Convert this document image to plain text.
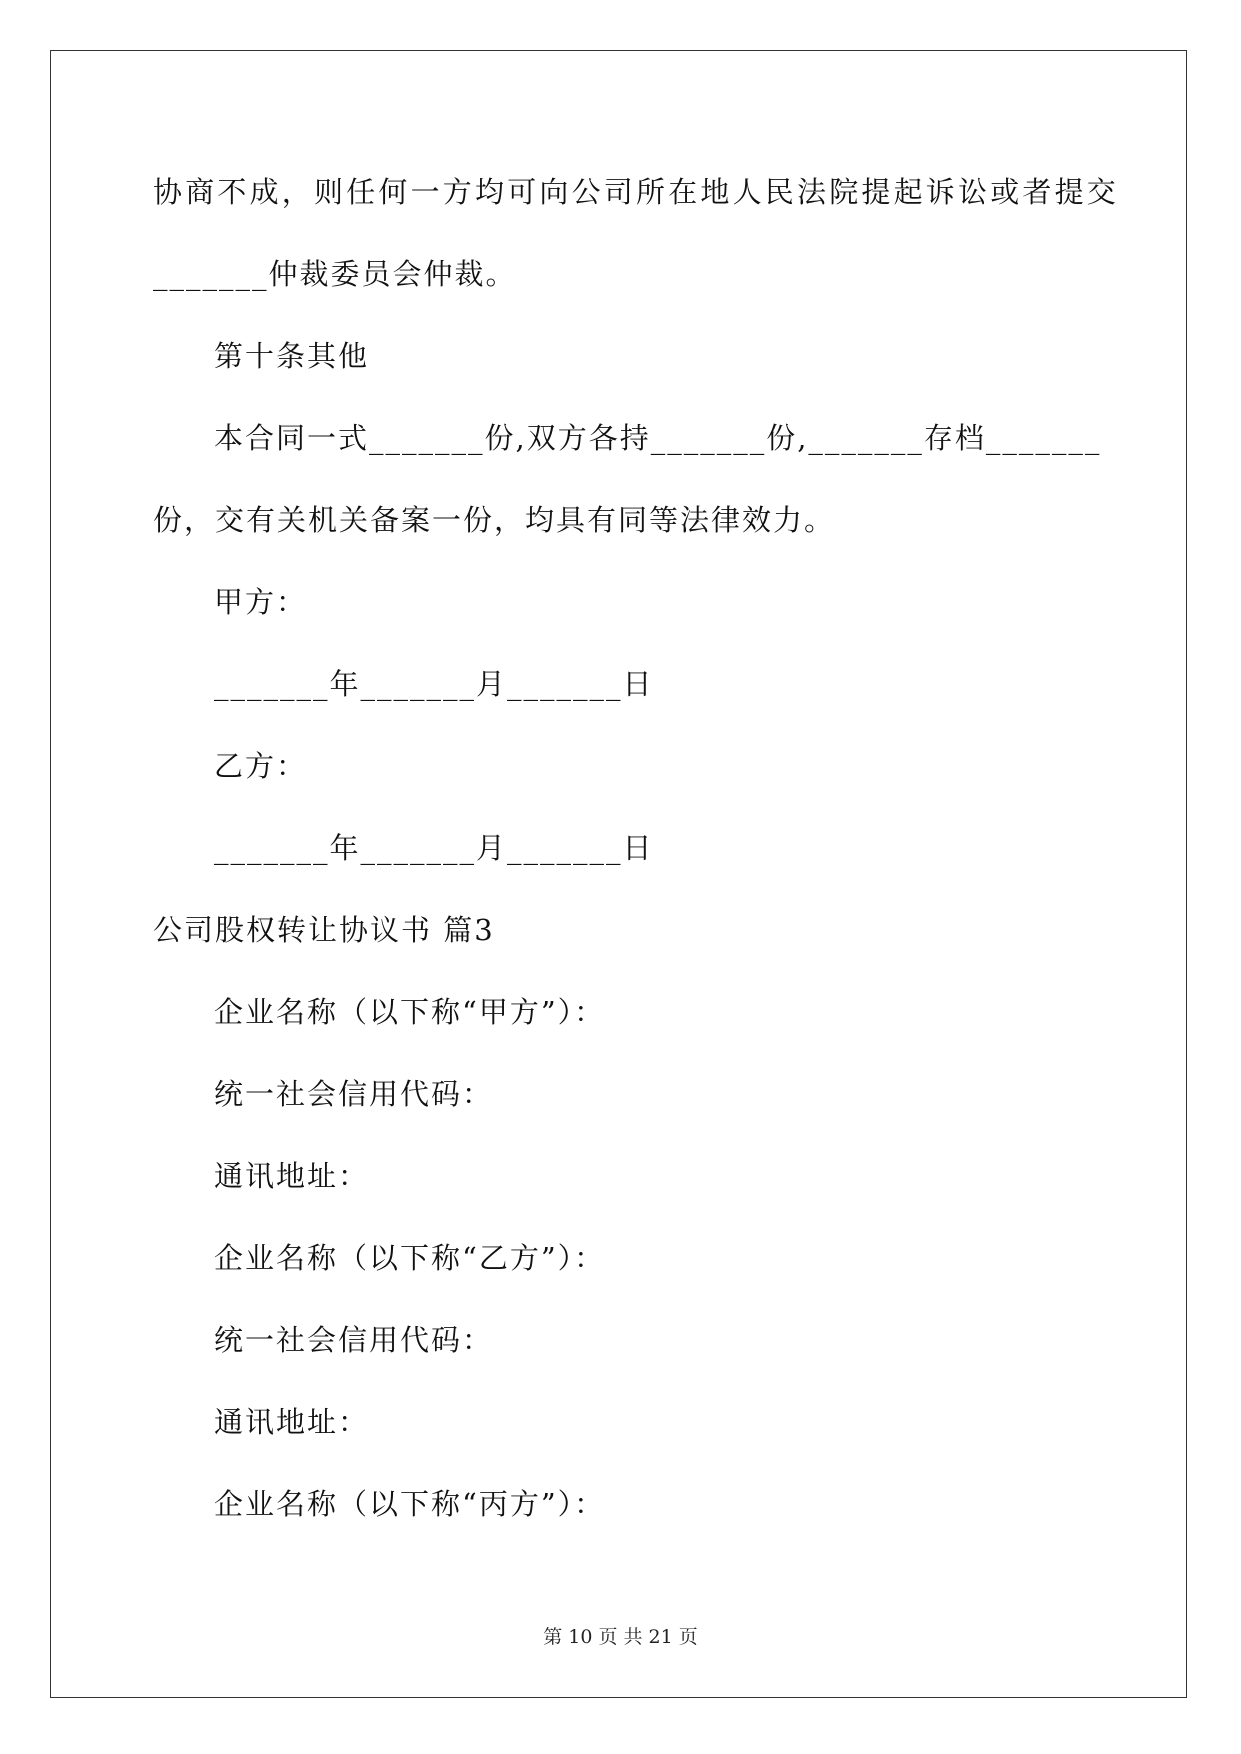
协商不成，则任何一方均可向公司所在地人民法院提起诉讼或者提交
_______仲裁委员会仲裁。
第十条其他
本合同一式_______份,双方各持_______份,_______存档_______
份，交有关机关备案一份，均具有同等法律效力。
甲方：
_______年_______月_______日
乙方：
_______年_______月_______日
公司股权转让协议书 篇3
企业名称（以下称“甲方”）：
统一社会信用代码：
通讯地址：
企业名称（以下称“乙方”）：
统一社会信用代码：
通讯地址：
企业名称（以下称“丙方”）：
第 10 页 共 21 页
